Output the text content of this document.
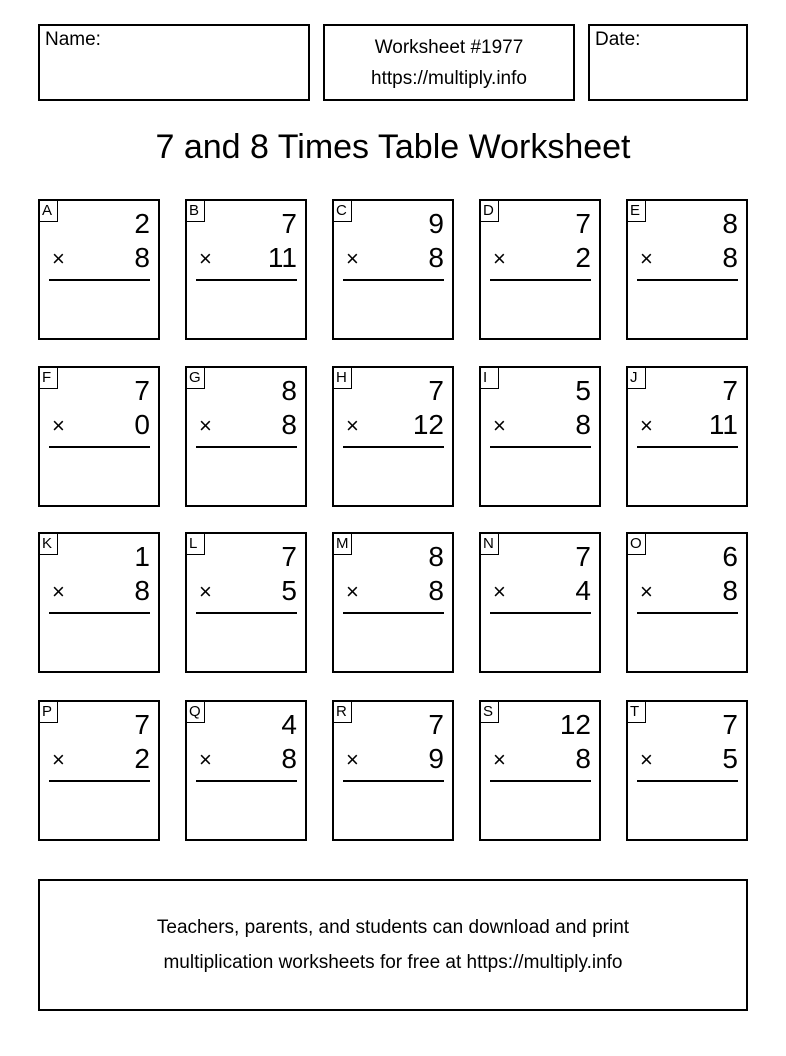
Name:	Worksheet #1977
https://multiply.info
Date:
7 and 8 Times Table Worksheet
A	2
× 8
B	7
× 11
C	9
× 8
D	7
× 2
E	8
× 8
F	7
× 0
G	8
× 8
H	7
× 12
I	5
× 8
J	7
× 11
K	1
× 8
L	7
× 5
M	8
× 8
N	7
× 4
O	6
× 8
P	7
× 2
Q	4
× 8
R	7
× 9
S 12
× 8
T	7
× 5
Teachers, parents, and students can download and print
multiplication worksheets for free at https://multiply.info
